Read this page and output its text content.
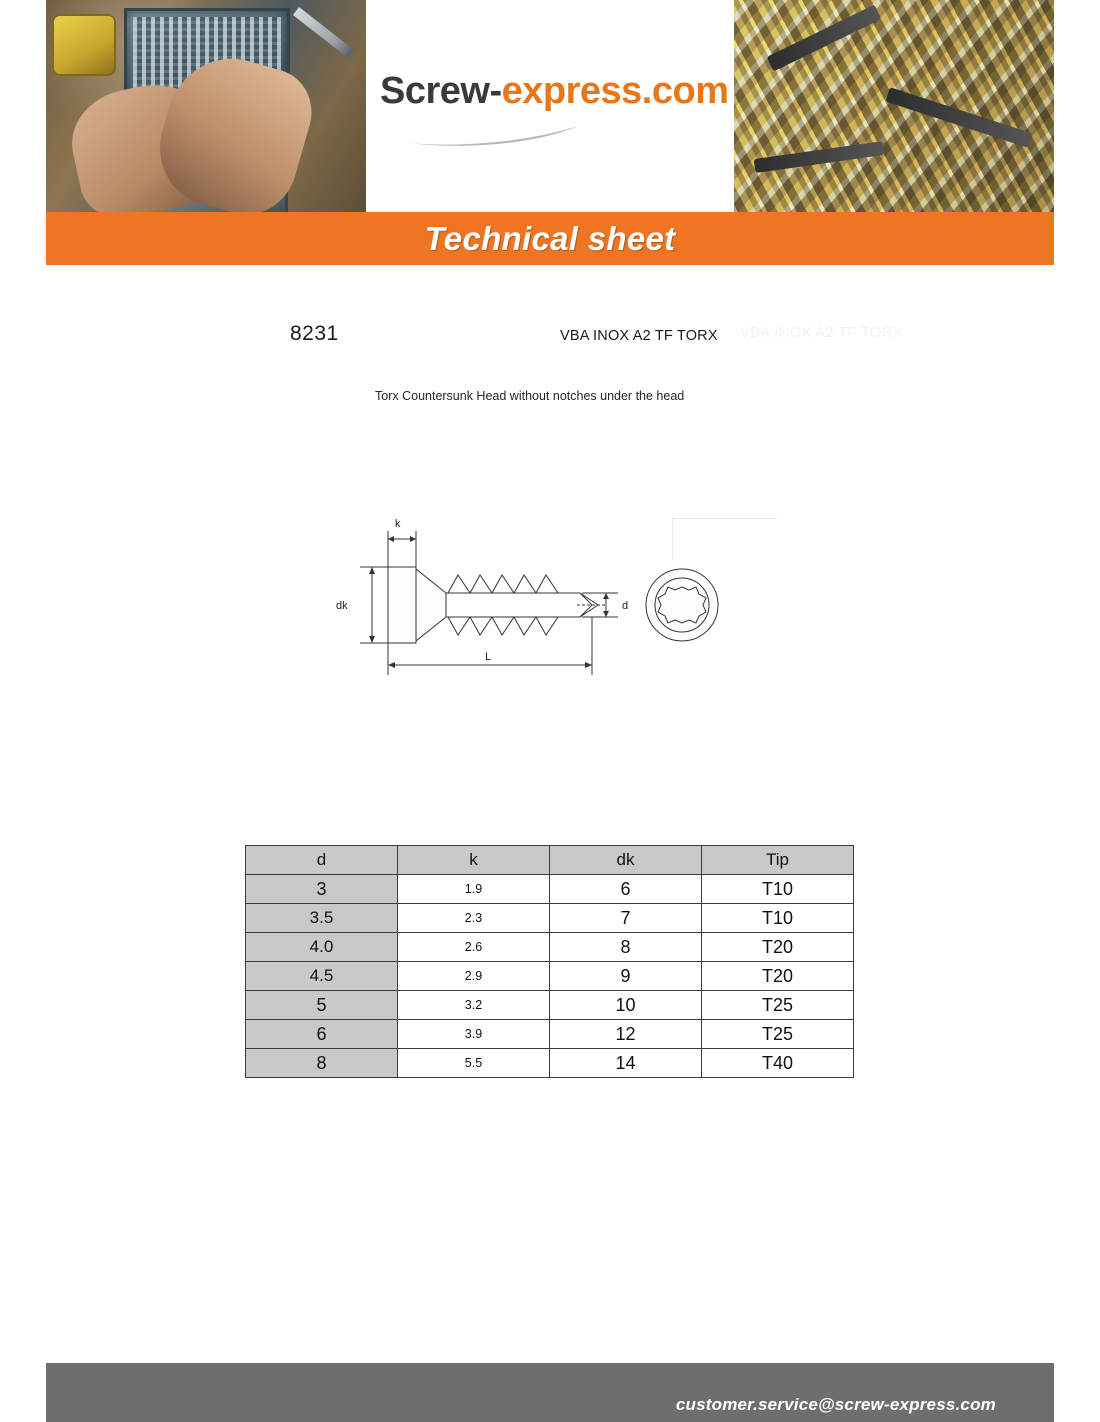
Screw-express.com
Technical sheet
8231	VBA INOX A2 TF TORX VBA INOX A2 TF TORX
Torx Countersunk Head without notches under the head
k
dk	d
L
d	k	dk	Tip
3	1.9	6	T10
3.5	2.3	7	T10
4.0	2.6	8	T20
4.5	2.9	9	T20
5	3.2	10	T25
6	3.9	12	T25
8	5.5	14	T40
customer.service@screw-express.com
